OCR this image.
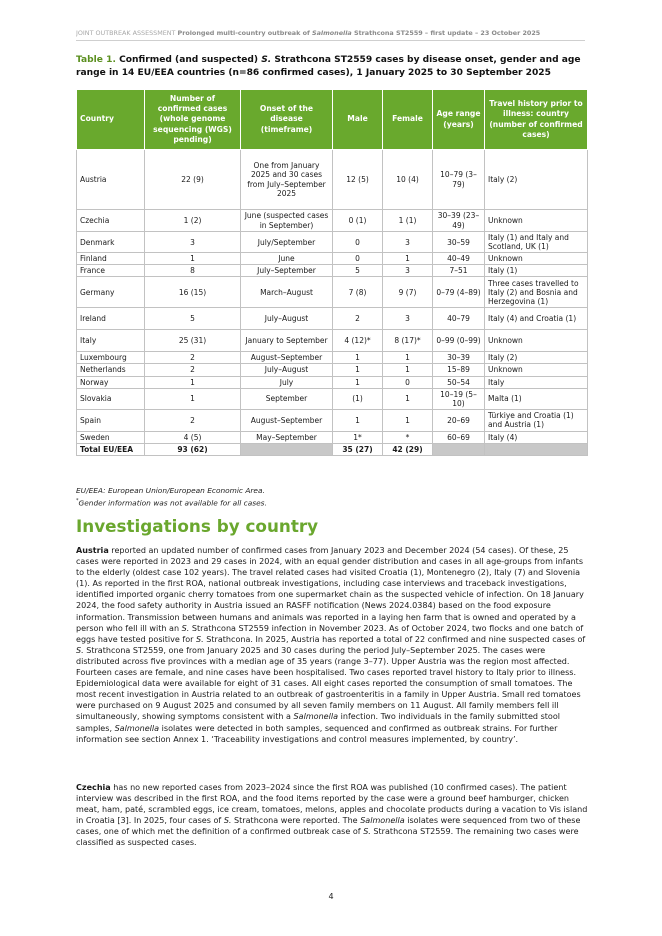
JOINT OUTBREAK ASSESSMENT Prolonged multi-country outbreak of Salmonella Strathcona ST2559 – first update – 23 October 2025
Table 1. Confirmed (and suspected) S. Strathcona ST2559 cases by disease onset, gender and age range in 14 EU/EEA countries (n=86 confirmed cases), 1 January 2025 to 30 September 2025
Country	Number of confirmed cases (whole genome sequencing (WGS) pending)	Onset of the disease (timeframe)	Male	Female	Age range (years)	Travel history prior to illness: country (number of confirmed cases)
Austria	22 (9)	One from January 2025 and 30 cases from July–September 2025	12 (5)	10 (4)	10–79 (3–79)	Italy (2)
Czechia	1 (2)	June (suspected cases in September)	0 (1)	1 (1)	30–39 (23–49)	Unknown
Denmark	3	July/September	0	3	30–59	Italy (1) and Italy and Scotland, UK (1)
Finland	1	June	0	1	40–49	Unknown
France	8	July–September	5	3	7–51	Italy (1)
Germany	16 (15)	March–August	7 (8)	9 (7)	0–79 (4–89)	Three cases travelled to Italy (2) and Bosnia and Herzegovina (1)
Ireland	5	July–August	2	3	40–79	Italy (4) and Croatia (1)
Italy	25 (31)	January to September	4 (12)*	8 (17)*	0–99 (0–99)	Unknown
Luxembourg	2	August–September	1	1	30–39	Italy (2)
Netherlands	2	July–August	1	1	15–89	Unknown
Norway	1	July	1	0	50–54	Italy
Slovakia	1	September	(1)	1	10–19 (5–10)	Malta (1)
Spain	2	August–September	1	1	20–69	Türkiye and Croatia (1) and Austria (1)
Sweden	4 (5)	May–September	1*	*	60–69	Italy (4)
Total EU/EEA	93 (62)		35 (27)	42 (29)		
EU/EEA: European Union/European Economic Area.
*Gender information was not available for all cases.
Investigations by country
Austria reported an updated number of confirmed cases from January 2023 and December 2024 (54 cases). Of these, 25 cases were reported in 2023 and 29 cases in 2024, with an equal gender distribution and cases in all age-groups from infants to the elderly (oldest case 102 years). The travel related cases had visited Croatia (1), Montenegro (2), Italy (7) and Slovenia (1). As reported in the first ROA, national outbreak investigations, including case interviews and traceback investigations, identified imported organic cherry tomatoes from one supermarket chain as the suspected vehicle of infection. On 18 January 2024, the food safety authority in Austria issued an RASFF notification (News 2024.0384) based on the food exposure information. Transmission between humans and animals was reported in a laying hen farm that is owned and operated by a person who fell ill with an S. Strathcona ST2559 infection in November 2023. As of October 2024, two flocks and one batch of eggs have tested positive for S. Strathcona. In 2025, Austria has reported a total of 22 confirmed and nine suspected cases of S. Strathcona ST2559, one from January 2025 and 30 cases during the period July–September 2025. The cases were distributed across five provinces with a median age of 35 years (range 3–77). Upper Austria was the region most affected. Fourteen cases are female, and nine cases have been hospitalised. Two cases reported travel history to Italy prior to illness. Epidemiological data were available for eight of 31 cases. All eight cases reported the consumption of small tomatoes. The most recent investigation in Austria related to an outbreak of gastroenteritis in a family in Upper Austria. Small red tomatoes were purchased on 9 August 2025 and consumed by all seven family members on 11 August. All family members fell ill simultaneously, showing symptoms consistent with a Salmonella infection. Two individuals in the family submitted stool samples, Salmonella isolates were detected in both samples, sequenced and confirmed as outbreak strains. For further information see section Annex 1. ‘Traceability investigations and control measures implemented, by country’.
Czechia has no new reported cases from 2023–2024 since the first ROA was published (10 confirmed cases). The patient interview was described in the first ROA, and the food items reported by the case were a ground beef hamburger, chicken meat, ham, paté, scrambled eggs, ice cream, tomatoes, melons, apples and chocolate products during a vacation to Vis island in Croatia [3]. In 2025, four cases of S. Strathcona were reported. The Salmonella isolates were sequenced from two of these cases, one of which met the definition of a confirmed outbreak case of S. Strathcona ST2559. The remaining two cases were classified as suspected cases.
4
